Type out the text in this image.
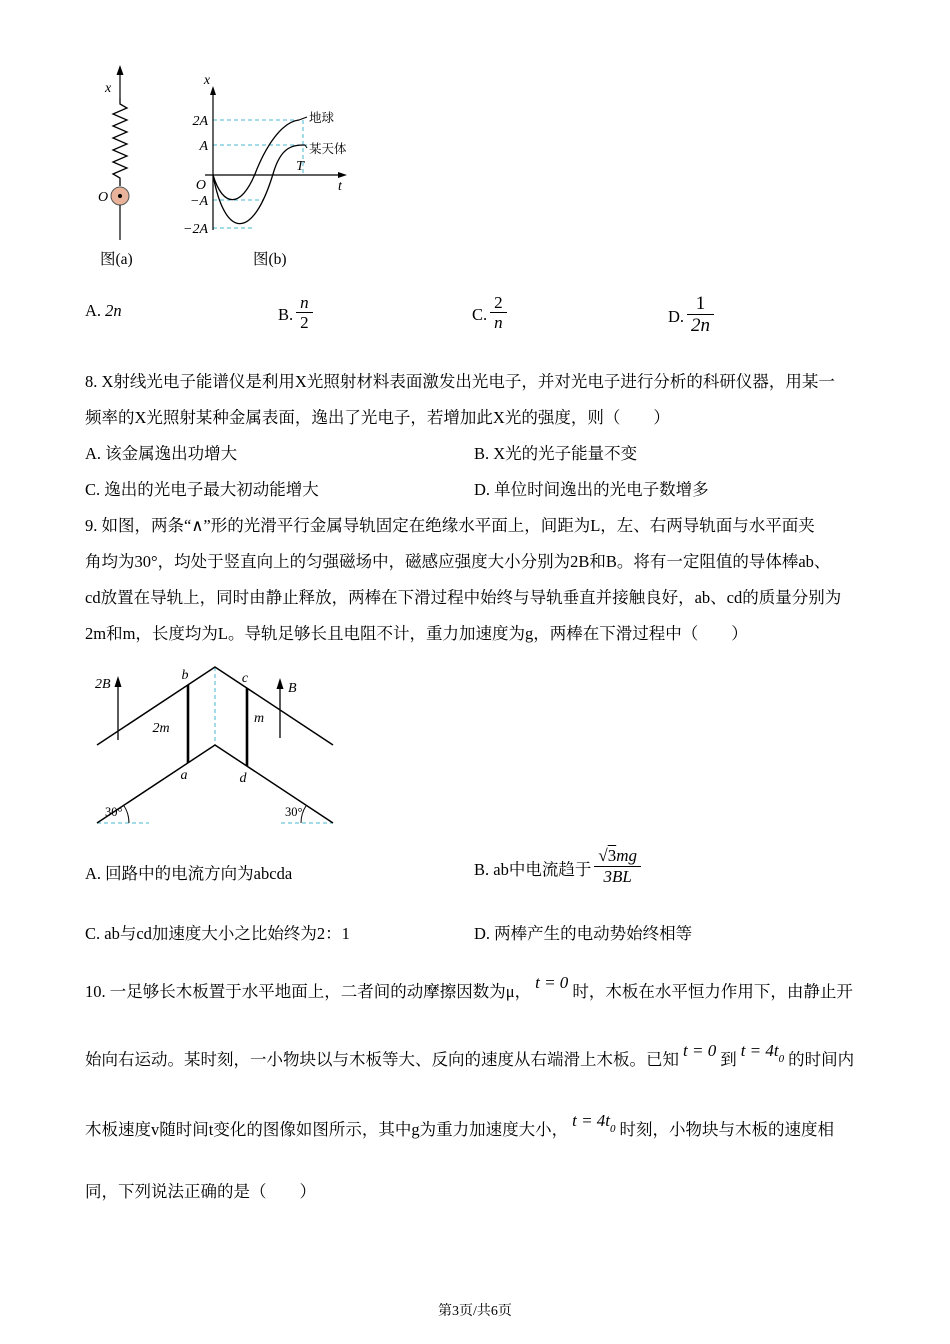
x
O
x
t
O
2A
A
−A
−2A
T
地球
某天体
图(a)	图(b)
A.
2n	B. $\frac{n}{2}$	C. $\frac{2}{n}$	D. $\frac{1}{2n}$
8. X射线光电子能谱仪是利用X光照射材料表面激发出光电子，并对光电子进行分析的科研仪器，用某一
频率的X光照射某种金属表面，逸出了光电子，若增加此X光的强度，则（　　）
A. 该金属逸出功增大	B. X光的光子能量不变
C. 逸出的光电子最大初动能增大	D. 单位时间逸出的光电子数增多
9. 如图，两条“∧”形的光滑平行金属导轨固定在绝缘水平面上，间距为L，左、右两导轨面与水平面夹
角均为30°，均处于竖直向上的匀强磁场中，磁感应强度大小分别为2B和B。将有一定阻值的导体棒ab、
cd放置在导轨上，同时由静止释放，两棒在下滑过程中始终与导轨垂直并接触良好，ab、cd的质量分别为
2m和m，长度均为L。导轨足够长且电阻不计，重力加速度为g，两棒在下滑过程中（　　）
b	c
a	d
2m
m
2B	B
30°	30°
A. 回路中的电流方向为abcda	B. ab中电流趋于 $\frac{√3mg}{3BL}$
C. ab与cd加速度大小之比始终为2：1	D. 两棒产生的电动势始终相等
10. 一足够长木板置于水平地面上，二者间的动摩擦因数为μ， t = 0 时，木板在水平恒力作用下，由静止开
始向右运动。某时刻，一小物块以与木板等大、反向的速度从右端滑上木板。已知 t = 0 到 $t = 4t_0$ 的时间内
木板速度v随时间t变化的图像如图所示，其中g为重力加速度大小， $t = 4t_0$ 时刻，小物块与木板的速度相
同，下列说法正确的是（　　）
第3页/共6页
